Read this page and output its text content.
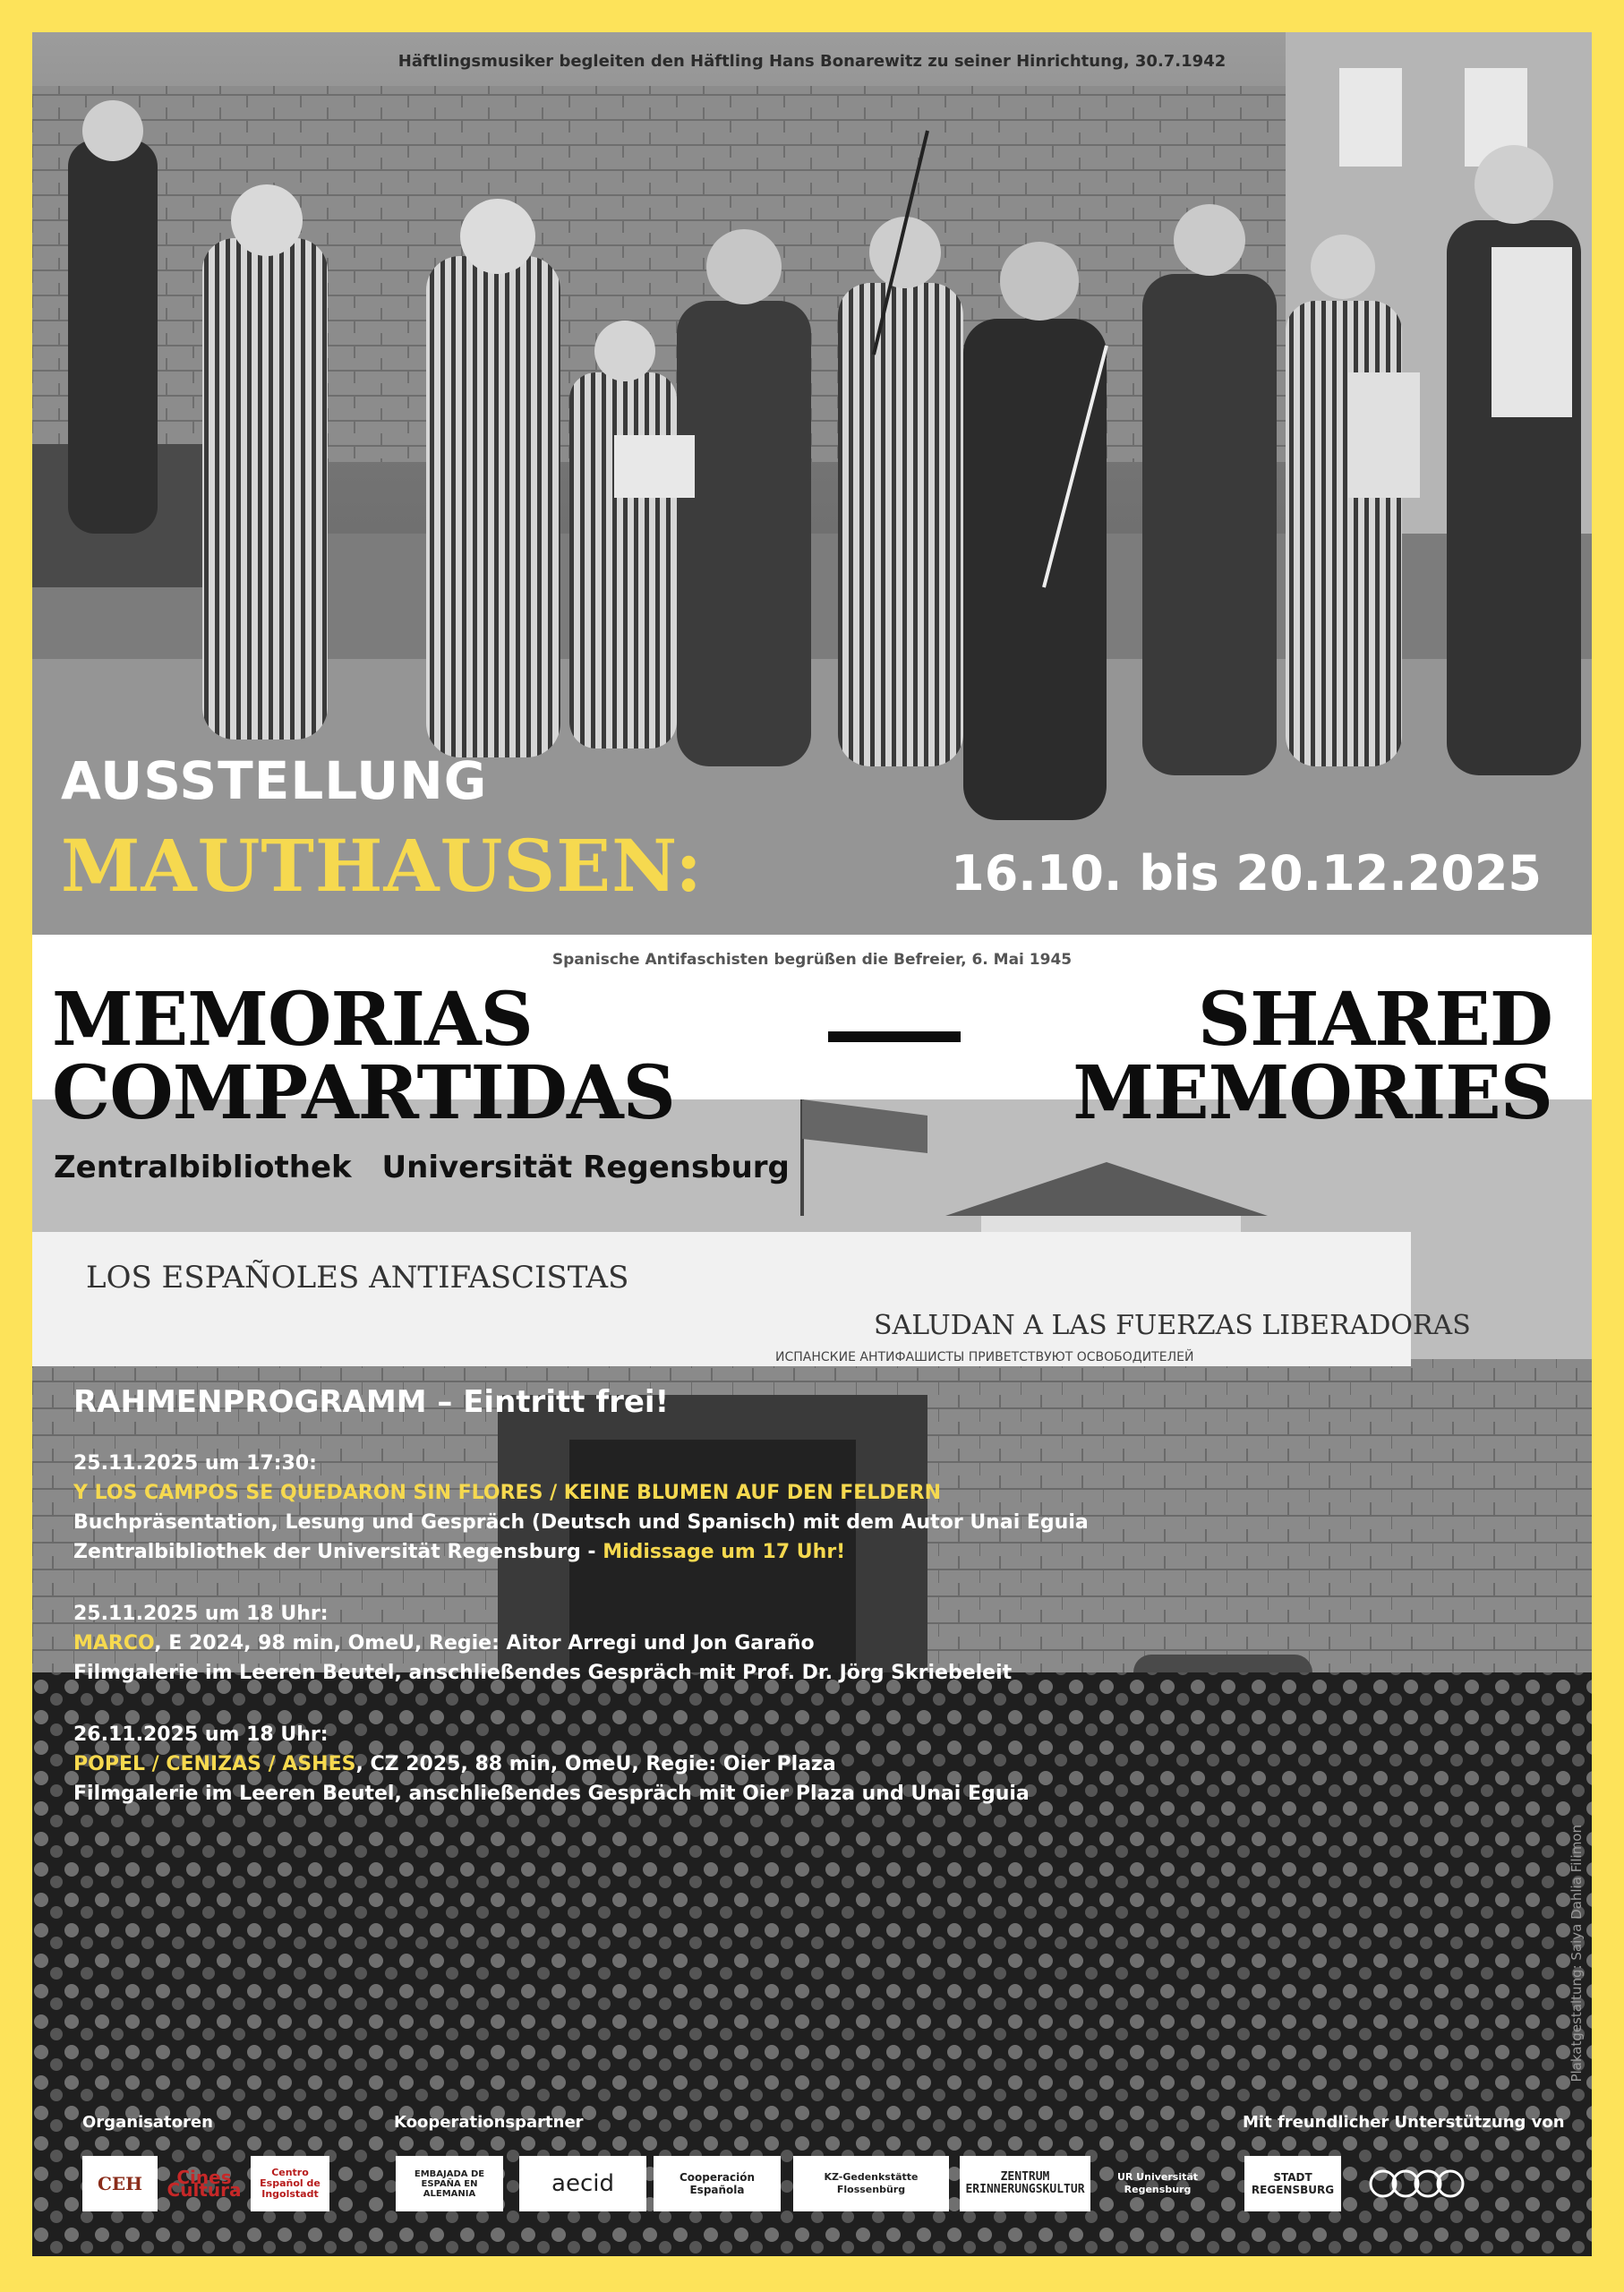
Häftlingsmusiker begleiten den Häftling Hans Bonarewitz zu seiner Hinrichtung, 30.7.1942
AUSSTELLUNG
MAUTHAUSEN:	16.10. bis 20.12.2025
LOS ESPAÑOLES ANTIFASCISTAS
SALUDAN A LAS FUERZAS LIBERADORAS
ИСПАНСКИЕ АНТИФАШИСТЫ ПРИВЕТСТВУЮТ ОСВОБОДИТЕЛЕЙ
Plakatgestaltung: Saiya Dahlia Filimon
Spanische Antifaschisten begrüßen die Befreier, 6. Mai 1945
MEMORIAS
COMPARTIDAS
SHARED
MEMORIES
Zentralbibliothek Universität Regensburg
RAHMENPROGRAMM – Eintritt frei!
25.11.2025 um 17:30:
Y LOS CAMPOS SE QUEDARON SIN FLORES / KEINE BLUMEN AUF DEN FELDERN
Buchpräsentation, Lesung und Gespräch (Deutsch und Spanisch) mit dem Autor Unai Eguia
Zentralbibliothek der Universität Regensburg - Midissage um 17 Uhr!
25.11.2025 um 18 Uhr:
MARCO, E 2024, 98 min, OmeU, Regie: Aitor Arregi und Jon Garaño
Filmgalerie im Leeren Beutel, anschließendes Gespräch mit Prof. Dr. Jörg Skriebeleit
26.11.2025 um 18 Uhr:
POPEL / CENIZAS / ASHES, CZ 2025, 88 min, OmeU, Regie: Oier Plaza
Filmgalerie im Leeren Beutel, anschließendes Gespräch mit Oier Plaza und Unai Eguia
Organisatoren	Kooperationspartner	Mit freundlicher Unterstützung von
CEH	Cines Cultura
Centro Español de Ingolstadt
EMBAJADA DE ESPAÑA EN ALEMANIA	aecid	Cooperación Española
KZ-Gedenkstätte Flossenbürg
ZENTRUM ERINNERUNGSKULTUR
UR Universität Regensburg
STADT REGENSBURG
